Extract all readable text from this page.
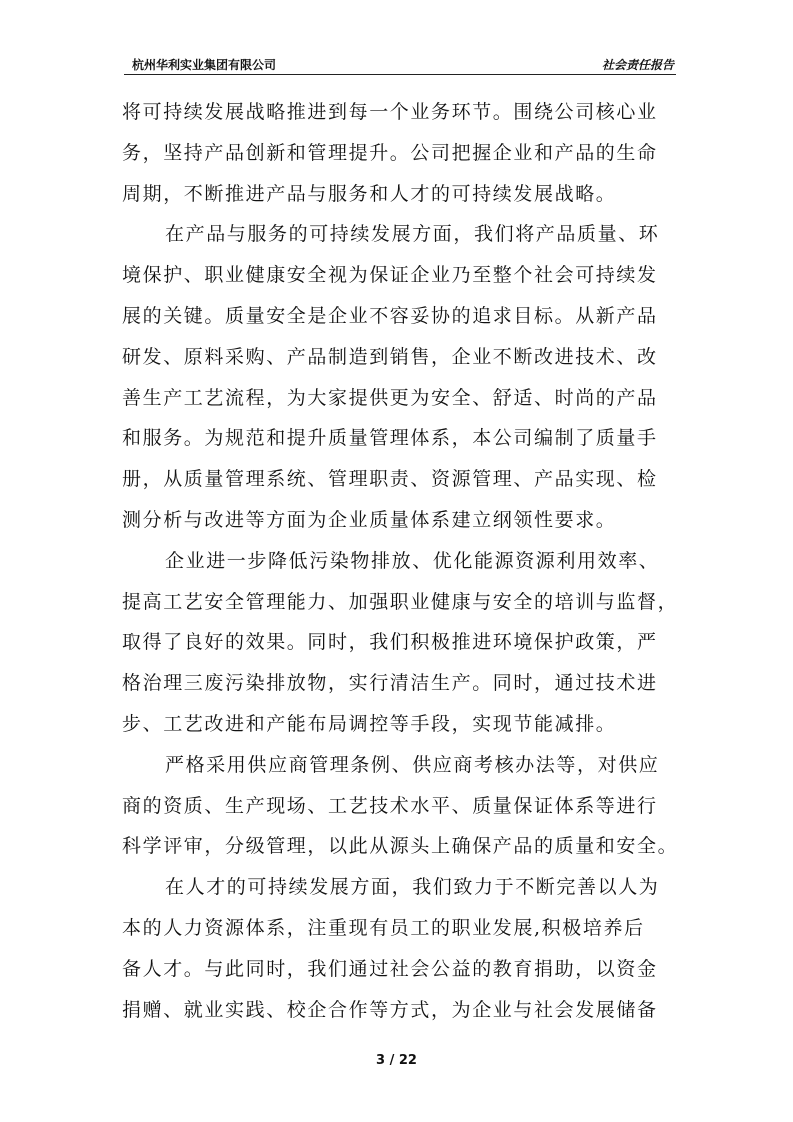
杭州华利实业集团有限公司	社会责任报告
将可持续发展战略推进到每一个业务环节。围绕公司核心业
务，坚持产品创新和管理提升。公司把握企业和产品的生命
周期，不断推进产品与服务和人才的可持续发展战略。
在产品与服务的可持续发展方面，我们将产品质量、环
境保护、职业健康安全视为保证企业乃至整个社会可持续发
展的关键。质量安全是企业不容妥协的追求目标。从新产品
研发、原料采购、产品制造到销售，企业不断改进技术、改
善生产工艺流程，为大家提供更为安全、舒适、时尚的产品
和服务。为规范和提升质量管理体系，本公司编制了质量手
册，从质量管理系统、管理职责、资源管理、产品实现、检
测分析与改进等方面为企业质量体系建立纲领性要求。
企业进一步降低污染物排放、优化能源资源利用效率、
提高工艺安全管理能力、加强职业健康与安全的培训与监督，
取得了良好的效果。同时，我们积极推进环境保护政策，严
格治理三废污染排放物，实行清洁生产。同时，通过技术进
步、工艺改进和产能布局调控等手段，实现节能减排。
严格采用供应商管理条例、供应商考核办法等，对供应
商的资质、生产现场、工艺技术水平、质量保证体系等进行
科学评审，分级管理，以此从源头上确保产品的质量和安全。
在人才的可持续发展方面，我们致力于不断完善以人为
本的人力资源体系，注重现有员工的职业发展,积极培养后
备人才。与此同时，我们通过社会公益的教育捐助，以资金
捐赠、就业实践、校企合作等方式，为企业与社会发展储备
3 / 22
